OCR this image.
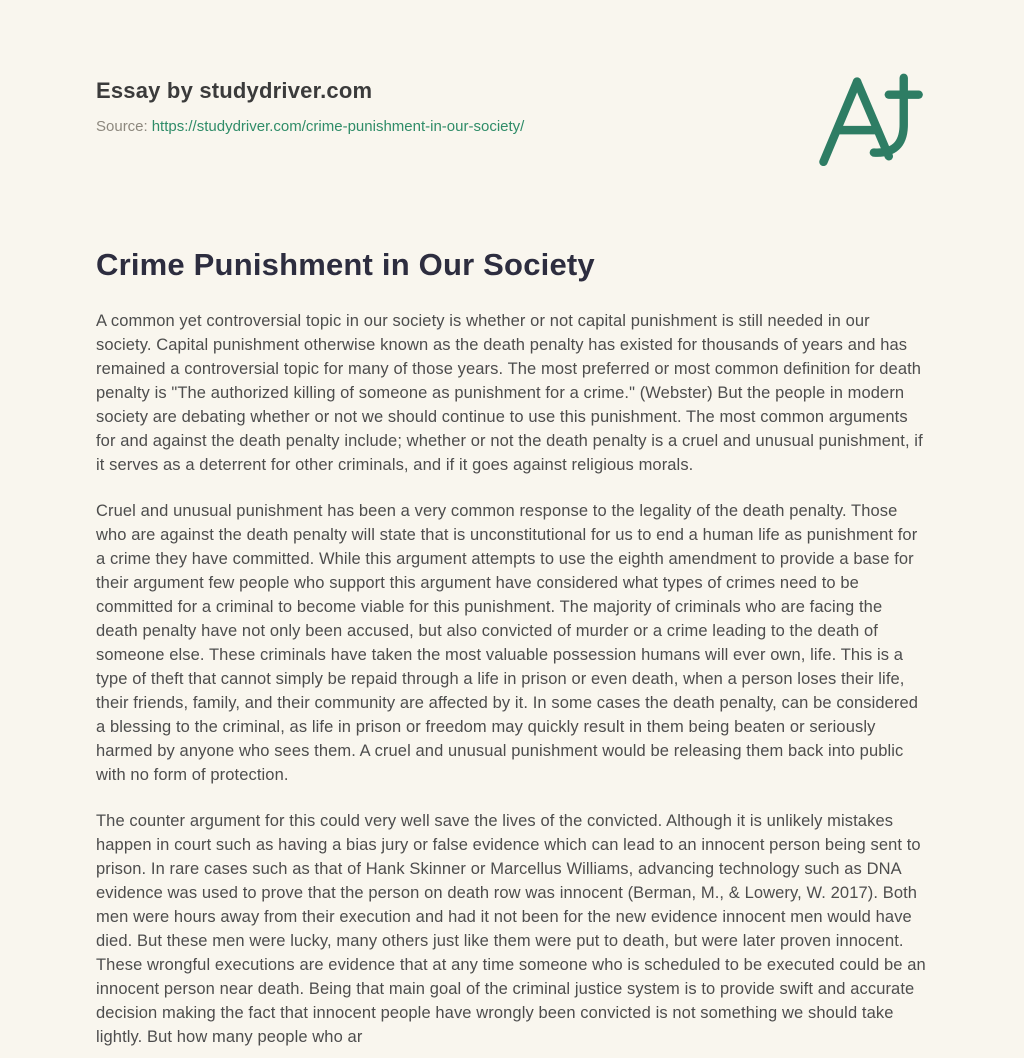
Essay by studydriver.com
Source: https://studydriver.com/crime-punishment-in-our-society/
Crime Punishment in Our Society

A common yet controversial topic in our society is whether or not capital punishment is still needed in our society. Capital punishment otherwise known as the death penalty has existed for thousands of years and has remained a controversial topic for many of those years. The most preferred or most common definition for death penalty is "The authorized killing of someone as punishment for a crime." (Webster) But the people in modern society are debating whether or not we should continue to use this punishment. The most common arguments for and against the death penalty include; whether or not the death penalty is a cruel and unusual punishment, if it serves as a deterrent for other criminals, and if it goes against religious morals.

Cruel and unusual punishment has been a very common response to the legality of the death penalty. Those who are against the death penalty will state that is unconstitutional for us to end a human life as punishment for a crime they have committed. While this argument attempts to use the eighth amendment to provide a base for their argument few people who support this argument have considered what types of crimes need to be committed for a criminal to become viable for this punishment. The majority of criminals who are facing the death penalty have not only been accused, but also convicted of murder or a crime leading to the death of someone else. These criminals have taken the most valuable possession humans will ever own, life. This is a type of theft that cannot simply be repaid through a life in prison or even death, when a person loses their life, their friends, family, and their community are affected by it. In some cases the death penalty, can be considered a blessing to the criminal, as life in prison or freedom may quickly result in them being beaten or seriously harmed by anyone who sees them. A cruel and unusual punishment would be releasing them back into public with no form of protection.

The counter argument for this could very well save the lives of the convicted. Although it is unlikely mistakes happen in court such as having a bias jury or false evidence which can lead to an innocent person being sent to prison. In rare cases such as that of Hank Skinner or Marcellus Williams, advancing technology such as DNA evidence was used to prove that the person on death row was innocent (Berman, M., & Lowery, W. 2017). Both men were hours away from their execution and had it not been for the new evidence innocent men would have died. But these men were lucky, many others just like them were put to death, but were later proven innocent. These wrongful executions are evidence that at any time someone who is scheduled to be executed could be an innocent person near death. Being that main goal of the criminal justice system is to provide swift and accurate decision making the fact that innocent people have wrongly been convicted is not something we should take lightly. But how many people who ar
